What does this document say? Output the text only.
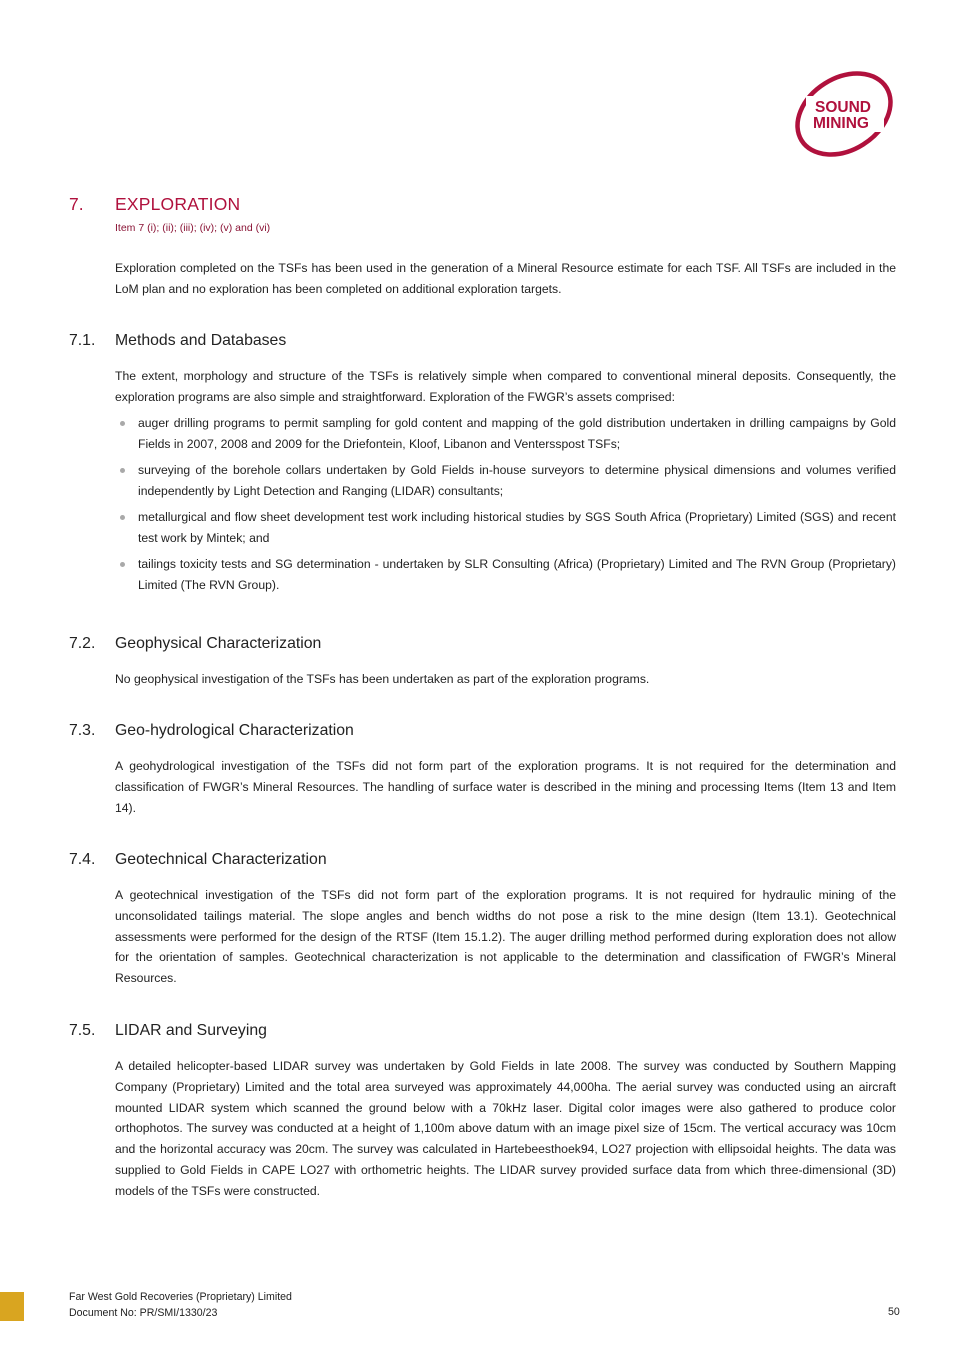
SOUND
MINING
7. EXPLORATION
Item 7 (i); (ii); (iii); (iv); (v) and (vi)

Exploration completed on the TSFs has been used in the generation of a Mineral Resource estimate for each TSF. All TSFs are included in the LoM plan and no exploration has been completed on additional exploration targets.

7.1. Methods and Databases

The extent, morphology and structure of the TSFs is relatively simple when compared to conventional mineral deposits. Consequently, the exploration programs are also simple and straightforward. Exploration of the FWGR’s assets comprised:

auger drilling programs to permit sampling for gold content and mapping of the gold distribution undertaken in drilling campaigns by Gold Fields in 2007, 2008 and 2009 for the Driefontein, Kloof, Libanon and Ventersspost TSFs;
surveying of the borehole collars undertaken by Gold Fields in-house surveyors to determine physical dimensions and volumes verified independently by Light Detection and Ranging (LIDAR) consultants;
metallurgical and flow sheet development test work including historical studies by SGS South Africa (Proprietary) Limited (SGS) and recent test work by Mintek; and
tailings toxicity tests and SG determination - undertaken by SLR Consulting (Africa) (Proprietary) Limited and The RVN Group (Proprietary) Limited (The RVN Group).
7.2. Geophysical Characterization

No geophysical investigation of the TSFs has been undertaken as part of the exploration programs.

7.3. Geo-hydrological Characterization

A geohydrological investigation of the TSFs did not form part of the exploration programs. It is not required for the determination and classification of FWGR’s Mineral Resources. The handling of surface water is described in the mining and processing Items (Item 13 and Item 14).

7.4. Geotechnical Characterization

A geotechnical investigation of the TSFs did not form part of the exploration programs. It is not required for hydraulic mining of the unconsolidated tailings material. The slope angles and bench widths do not pose a risk to the mine design (Item 13.1). Geotechnical assessments were performed for the design of the RTSF (Item 15.1.2). The auger drilling method performed during exploration does not allow for the orientation of samples. Geotechnical characterization is not applicable to the determination and classification of FWGR’s Mineral Resources.

7.5. LIDAR and Surveying

A detailed helicopter-based LIDAR survey was undertaken by Gold Fields in late 2008. The survey was conducted by Southern Mapping Company (Proprietary) Limited and the total area surveyed was approximately 44,000ha. The aerial survey was conducted using an aircraft mounted LIDAR system which scanned the ground below with a 70kHz laser. Digital color images were also gathered to produce color orthophotos. The survey was conducted at a height of 1,100m above datum with an image pixel size of 15cm. The vertical accuracy was 10cm and the horizontal accuracy was 20cm. The survey was calculated in Hartebeesthoek94, LO27 projection with ellipsoidal heights. The data was supplied to Gold Fields in CAPE LO27 with orthometric heights. The LIDAR survey provided surface data from which three-dimensional (3D) models of the TSFs were constructed.

Far West Gold Recoveries (Proprietary) Limited
Document No: PR/SMI/1330/23	50
